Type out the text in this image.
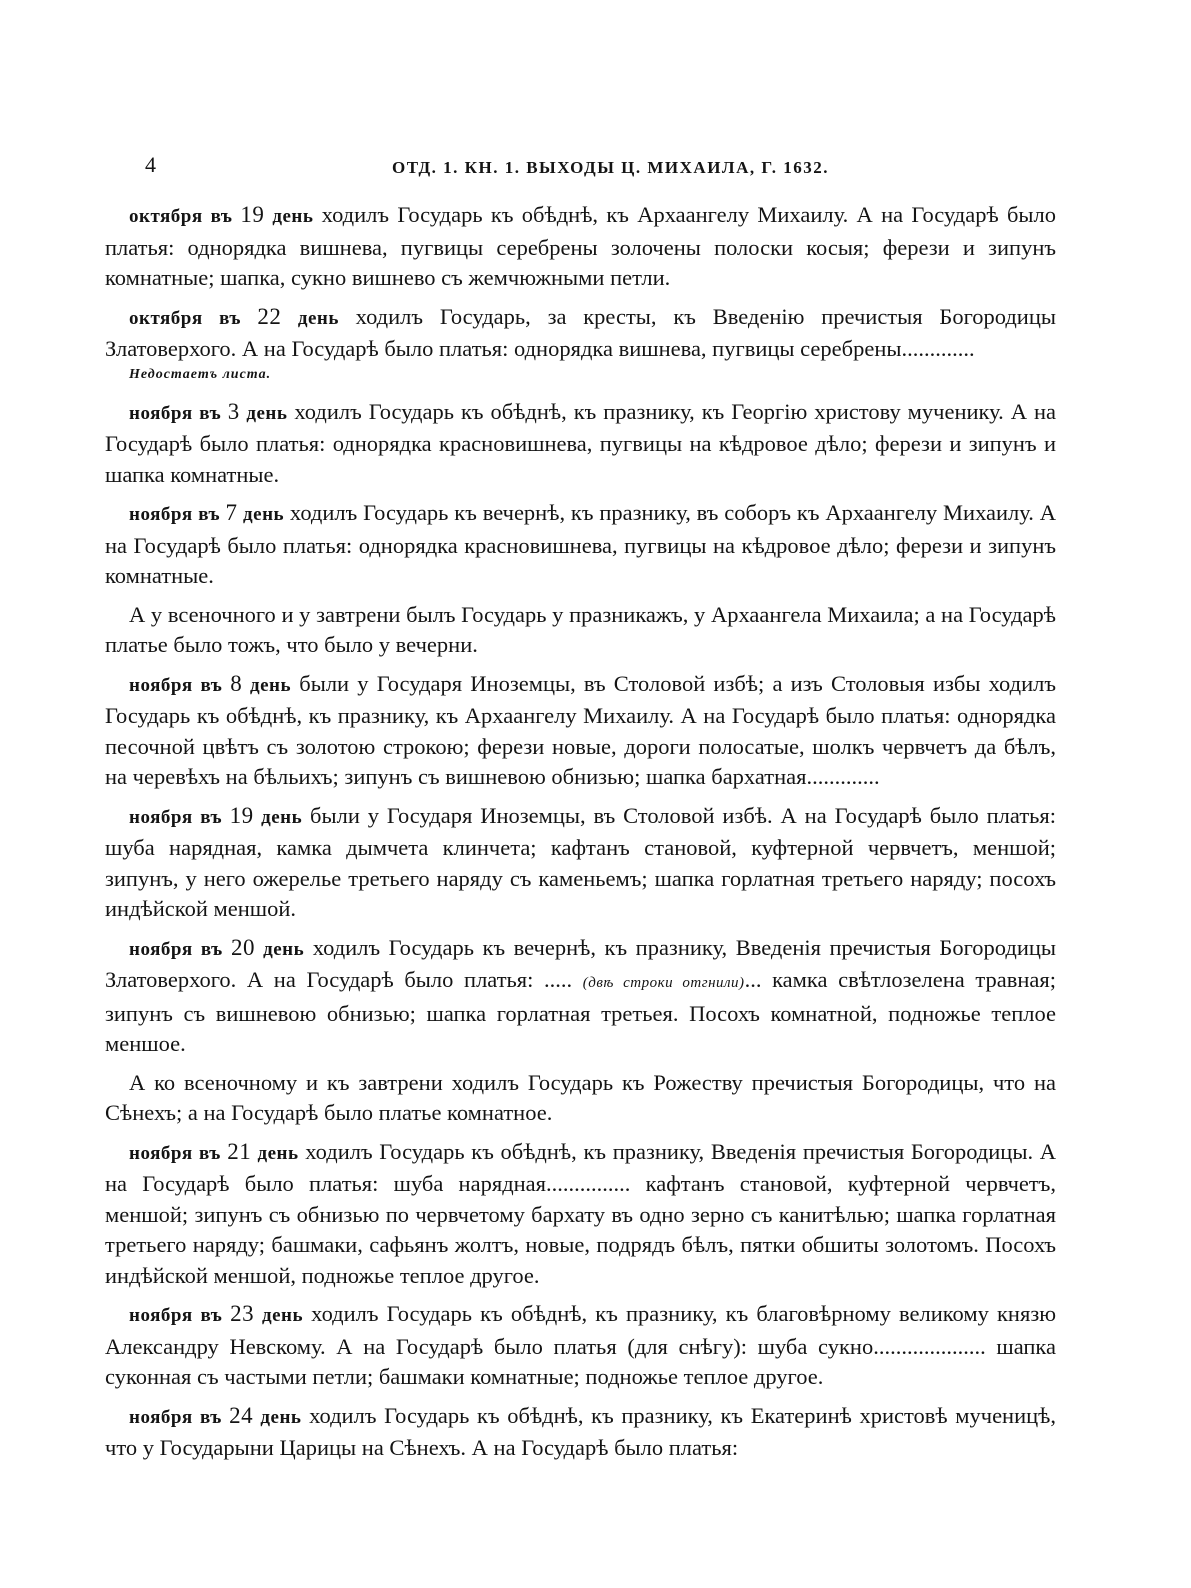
4	ОТД. 1. КН. 1. ВЫХОДЫ Ц. МИХАИЛА, Г. 1632.

октября въ 19 день ходилъ Государь къ обѣднѣ, къ Архаангелу Михаилу. А на Государѣ было платья: однорядка вишнева, пугвицы серебрены золочены полоски косыя; ферези и зипунъ комнатные; шапка, сукно вишнево съ жемчюжными петли.

октября въ 22 день ходилъ Государь, за кресты, къ Введенію пречистыя Богородицы Златоверхого. А на Государѣ было платья: однорядка вишнева, пугвицы серебрены.............

Недостаетъ листа.

ноября въ 3 день ходилъ Государь къ обѣднѣ, къ празнику, къ Георгію христову мученику. А на Государѣ было платья: однорядка красновишнева, пугвицы на кѣдровое дѣло; ферези и зипунъ и шапка комнатные.

ноября въ 7 день ходилъ Государь къ вечернѣ, къ празнику, въ соборъ къ Архаангелу Михаилу. А на Государѣ было платья: однорядка красновишнева, пугвицы на кѣдровое дѣло; ферези и зипунъ комнатные.

А у всеночного и у завтрени былъ Государь у празникажъ, у Архаангела Михаила; а на Государѣ платье было тожъ, что было у вечерни.

ноября въ 8 день были у Государя Иноземцы, въ Столовой избѣ; а изъ Столовыя избы ходилъ Государь къ обѣднѣ, къ празнику, къ Архаангелу Михаилу. А на Государѣ было платья: однорядка песочной цвѣтъ съ золотою строкою; ферези новые, дороги полосатые, шолкъ червчетъ да бѣлъ, на черевѣхъ на бѣльихъ; зипунъ съ вишневою обнизью; шапка бархатная.............

ноября въ 19 день были у Государя Иноземцы, въ Столовой избѣ. А на Государѣ было платья: шуба нарядная, камка дымчета клинчета; кафтанъ становой, куфтерной червчетъ, меншой; зипунъ, у него ожерелье третьего наряду съ каменьемъ; шапка горлатная третьего наряду; посохъ индѣйской меншой.

ноября въ 20 день ходилъ Государь къ вечернѣ, къ празнику, Введенія пречистыя Богородицы Златоверхого. А на Государѣ было платья: ..... (двѣ строки отгнили)... камка свѣтлозелена травная; зипунъ съ вишневою обнизью; шапка горлатная третьея. Посохъ комнатной, подножье теплое меншое.

А ко всеночному и къ завтрени ходилъ Государь къ Рожеству пречистыя Богородицы, что на Сѣнехъ; а на Государѣ было платье комнатное.

ноября въ 21 день ходилъ Государь къ обѣднѣ, къ празнику, Введенія пречистыя Богородицы. А на Государѣ было платья: шуба нарядная............... кафтанъ становой, куфтерной червчетъ, меншой; зипунъ съ обнизью по червчетому бархату въ одно зерно съ канитѣлью; шапка горлатная третьего наряду; башмаки, сафьянъ жолтъ, новые, подрядъ бѣлъ, пятки обшиты золотомъ. Посохъ индѣйской меншой, подножье теплое другое.

ноября въ 23 день ходилъ Государь къ обѣднѣ, къ празнику, къ благовѣрному великому князю Александру Невскому. А на Государѣ было платья (для снѣгу): шуба сукно.................... шапка суконная съ частыми петли; башмаки комнатные; подножье теплое другое.

ноября въ 24 день ходилъ Государь къ обѣднѣ, къ празнику, къ Екатеринѣ христовѣ мученицѣ, что у Государыни Царицы на Сѣнехъ. А на Государѣ было платья:
